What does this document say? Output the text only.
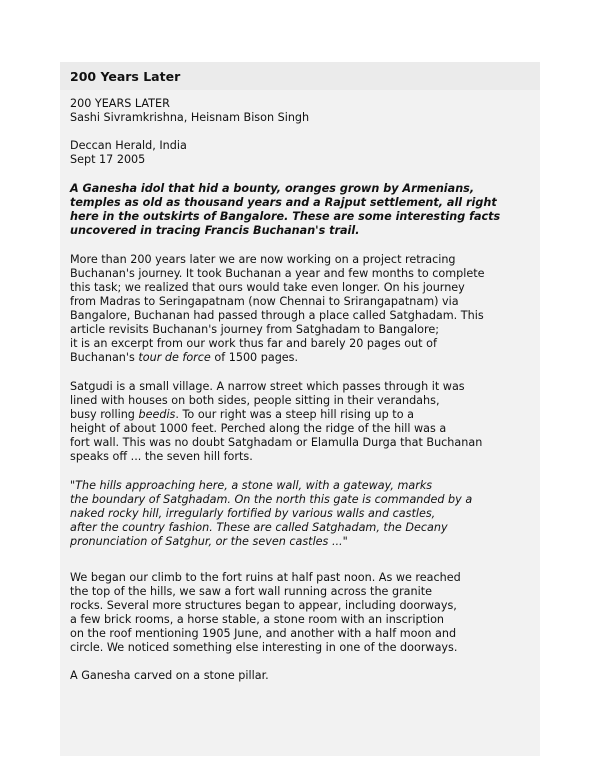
200 Years Later
200 YEARS LATER
Sashi Sivramkrishna, Heisnam Bison Singh
Deccan Herald, India
Sept 17 2005
A Ganesha idol that hid a bounty, oranges grown by Armenians,
temples as old as thousand years and a Rajput settlement, all right
here in the outskirts of Bangalore. These are some interesting facts
uncovered in tracing Francis Buchanan's trail.
More than 200 years later we are now working on a project retracing
Buchanan's journey. It took Buchanan a year and few months to complete
this task; we realized that ours would take even longer. On his journey
from Madras to Seringapatnam (now Chennai to Srirangapatnam) via
Bangalore, Buchanan had passed through a place called Satghadam. This
article revisits Buchanan's journey from Satghadam to Bangalore;
it is an excerpt from our work thus far and barely 20 pages out of
Buchanan's tour de force of 1500 pages.
Satgudi is a small village. A narrow street which passes through it was
lined with houses on both sides, people sitting in their verandahs,
busy rolling beedis. To our right was a steep hill rising up to a
height of about 1000 feet. Perched along the ridge of the hill was a
fort wall. This was no doubt Satghadam or Elamulla Durga that Buchanan
speaks off ... the seven hill forts.
"The hills approaching here, a stone wall, with a gateway, marks
the boundary of Satghadam. On the north this gate is commanded by a
naked rocky hill, irregularly fortified by various walls and castles,
after the country fashion. These are called Satghadam, the Decany
pronunciation of Satghur, or the seven castles ..."
We began our climb to the fort ruins at half past noon. As we reached
the top of the hills, we saw a fort wall running across the granite
rocks. Several more structures began to appear, including doorways,
a few brick rooms, a horse stable, a stone room with an inscription
on the roof mentioning 1905 June, and another with a half moon and
circle. We noticed something else interesting in one of the doorways.
A Ganesha carved on a stone pillar.
